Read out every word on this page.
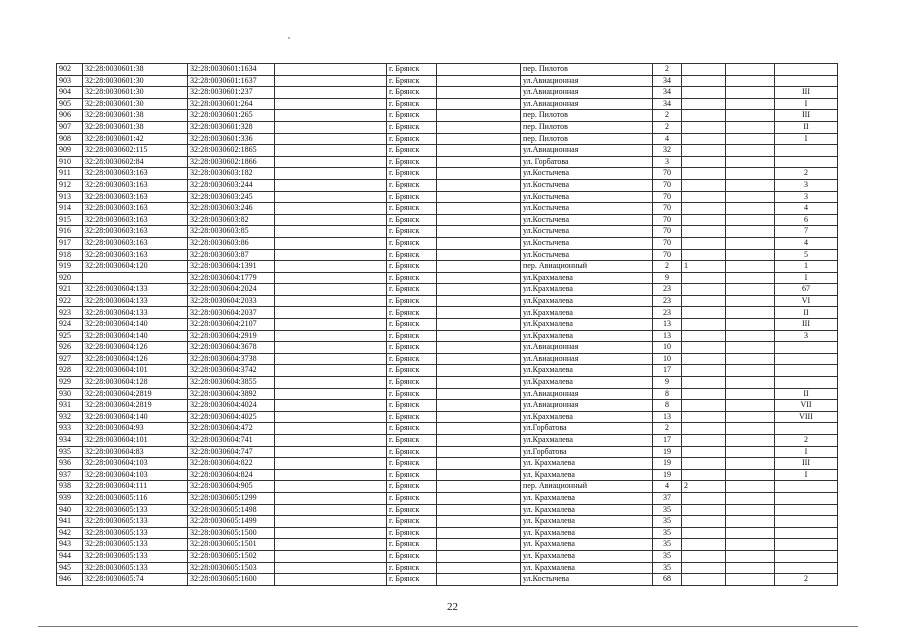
902	32:28:0030601:38	32:28:0030601:1634		г. Брянск		пер. Пилотов	2			
903	32:28:0030601:30	32:28:0030601:1637		г. Брянск		ул.Авиационная	34			
904	32:28:0030601:30	32:28:0030601:237		г. Брянск		ул.Авиационная	34			III
905	32:28:0030601:30	32:28:0030601:264		г. Брянск		ул.Авиационная	34			I
906	32:28:0030601:38	32:28:0030601:265		г. Брянск		пер. Пилотов	2			III
907	32:28:0030601:38	32:28:0030601:328		г. Брянск		пер. Пилотов	2			II
908	32:28:0030601:42	32:28:0030601:336		г. Брянск		пер. Пилотов	4			I
909	32:28:0030602:115	32:28:0030602:1865		г. Брянск		ул.Авиационная	32			
910	32:28:0030602:84	32:28:0030602:1866		г. Брянск		ул. Горбатова	3			
911	32:28:0030603:163	32:28:0030603:182		г. Брянск		ул.Костычева	70			2
912	32:28:0030603:163	32:28:0030603:244		г. Брянск		ул.Костычева	70			3
913	32:28:0030603:163	32:28:0030603:245		г. Брянск		ул.Костычева	70			3
914	32:28:0030603:163	32:28:0030603:246		г. Брянск		ул.Костычева	70			4
915	32:28:0030603:163	32:28:0030603:82		г. Брянск		ул.Костычева	70			6
916	32:28:0030603:163	32:28:0030603:85		г. Брянск		ул.Костычева	70			7
917	32:28:0030603:163	32:28:0030603:86		г. Брянск		ул.Костычева	70			4
918	32:28:0030603:163	32:28:0030603:87		г. Брянск		ул.Костычева	70			5
919	32:28:0030604:120	32:28:0030604:1391		г. Брянск		пер. Авиационный	2	1		1
920		32:28:0030604:1779		г. Брянск		ул.Крахмалева	9			I
921	32:28:0030604:133	32:28:0030604:2024		г. Брянск		ул.Крахмалева	23			67
922	32:28:0030604:133	32:28:0030604:2033		г. Брянск		ул.Крахмалева	23			VI
923	32:28:0030604:133	32:28:0030604:2037		г. Брянск		ул.Крахмалева	23			II
924	32:28:0030604:140	32:28:0030604:2107		г. Брянск		ул.Крахмалева	13			III
925	32:28:0030604:140	32:28:0030604:2919		г. Брянск		ул.Крахмалева	13			3
926	32:28:0030604:126	32:28:0030604:3678		г. Брянск		ул.Авиационная	10			
927	32:28:0030604:126	32:28:0030604:3738		г. Брянск		ул.Авиационная	10			
928	32:28:0030604:101	32:28:0030604:3742		г. Брянск		ул.Крахмалева	17			
929	32:28:0030604:128	32:28:0030604:3855		г. Брянск		ул.Крахмалева	9			
930	32:28:0030604:2819	32:28:0030604:3892		г. Брянск		ул.Авиационная	8			II
931	32:28:0030604:2819	32:28:0030604:4024		г. Брянск		ул.Авиационная	8			VII
932	32:28:0030604:140	32:28:0030604:4025		г. Брянск		ул.Крахмалева	13			VIII
933	32:28:0030604:93	32:28:0030604:472		г. Брянск		ул.Горбатова	2			
934	32:28:0030604:101	32:28:0030604:741		г. Брянск		ул.Крахмалева	17			2
935	32:28:0030604:83	32:28:0030604:747		г. Брянск		ул.Горбатова	19			I
936	32:28:0030604:103	32:28:0030604:822		г. Брянск		ул. Крахмалева	19			III
937	32:28:0030604:103	32:28:0030604:824		г. Брянск		ул. Крахмалева	19			I
938	32:28:0030604:111	32:28:0030604:905		г. Брянск		пер. Авиационный	4	2		
939	32:28:0030605:116	32:28:0030605:1299		г. Брянск		ул. Крахмалева	37			
940	32:28:0030605:133	32:28:0030605:1498		г. Брянск		ул. Крахмалева	35			
941	32:28:0030605:133	32:28:0030605:1499		г. Брянск		ул. Крахмалева	35			
942	32:28:0030605:133	32:28:0030605:1500		г. Брянск		ул. Крахмалева	35			
943	32:28:0030605:133	32:28:0030605:1501		г. Брянск		ул. Крахмалева	35			
944	32:28:0030605:133	32:28:0030605:1502		г. Брянск		ул. Крахмалева	35			
945	32:28:0030605:133	32:28:0030605:1503		г. Брянск		ул. Крахмалева	35			
946	32:28:0030605:74	32:28:0030605:1600		г. Брянск		ул.Костычева	68			2
22
